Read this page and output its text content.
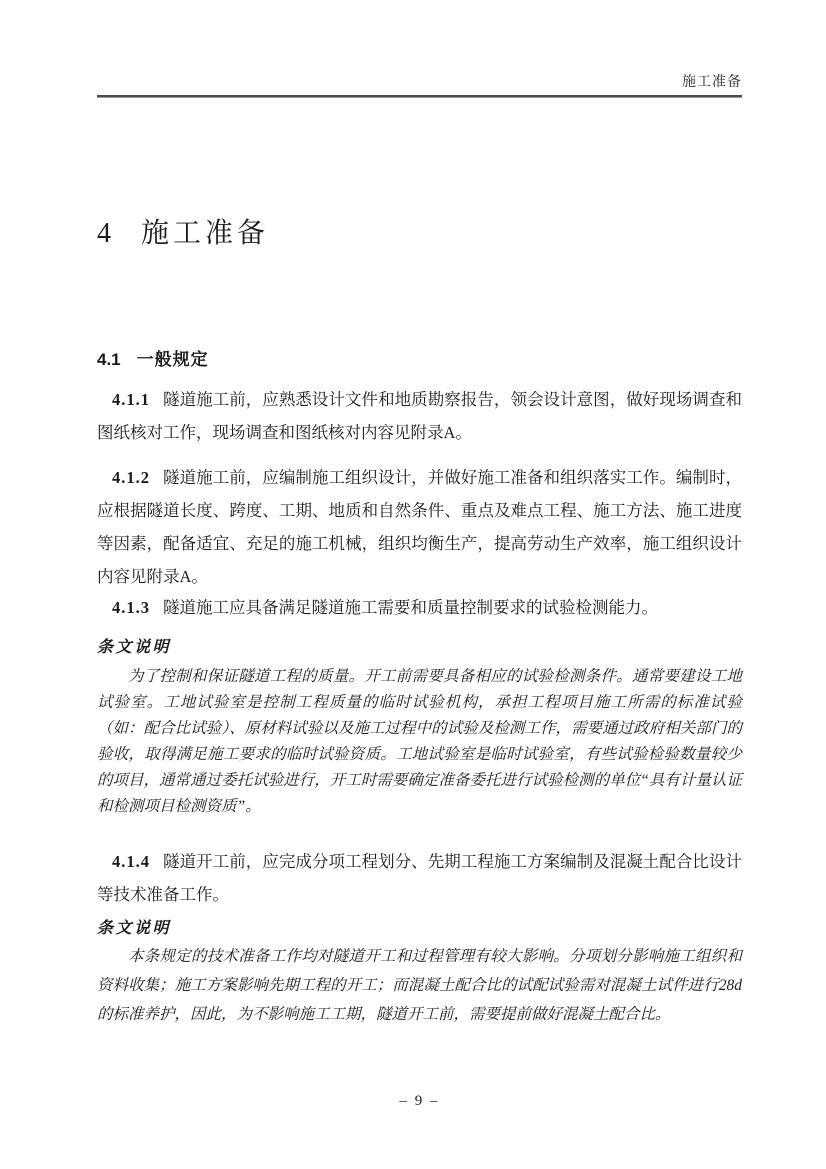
施工准备
4 施工准备
4.1 一般规定

4.1.1 隧道施工前，应熟悉设计文件和地质勘察报告，领会设计意图，做好现场调查和图纸核对工作，现场调查和图纸核对内容见附录A。

4.1.2 隧道施工前，应编制施工组织设计，并做好施工准备和组织落实工作。编制时，应根据隧道长度、跨度、工期、地质和自然条件、重点及难点工程、施工方法、施工进度等因素，配备适宜、充足的施工机械，组织均衡生产，提高劳动生产效率，施工组织设计内容见附录A。

4.1.3 隧道施工应具备满足隧道施工需要和质量控制要求的试验检测能力。

条文说明

为了控制和保证隧道工程的质量。开工前需要具备相应的试验检测条件。通常要建设工地试验室。工地试验室是控制工程质量的临时试验机构，承担工程项目施工所需的标准试验（如：配合比试验）、原材料试验以及施工过程中的试验及检测工作，需要通过政府相关部门的验收，取得满足施工要求的临时试验资质。工地试验室是临时试验室，有些试验检验数量较少的项目，通常通过委托试验进行，开工时需要确定准备委托进行试验检测的单位“具有计量认证和检测项目检测资质”。

4.1.4 隧道开工前，应完成分项工程划分、先期工程施工方案编制及混凝土配合比设计等技术准备工作。

条文说明

本条规定的技术准备工作均对隧道开工和过程管理有较大影响。分项划分影响施工组织和资料收集；施工方案影响先期工程的开工；而混凝土配合比的试配试验需对混凝土试件进行28d的标准养护，因此，为不影响施工工期，隧道开工前，需要提前做好混凝土配合比。

– 9 –
